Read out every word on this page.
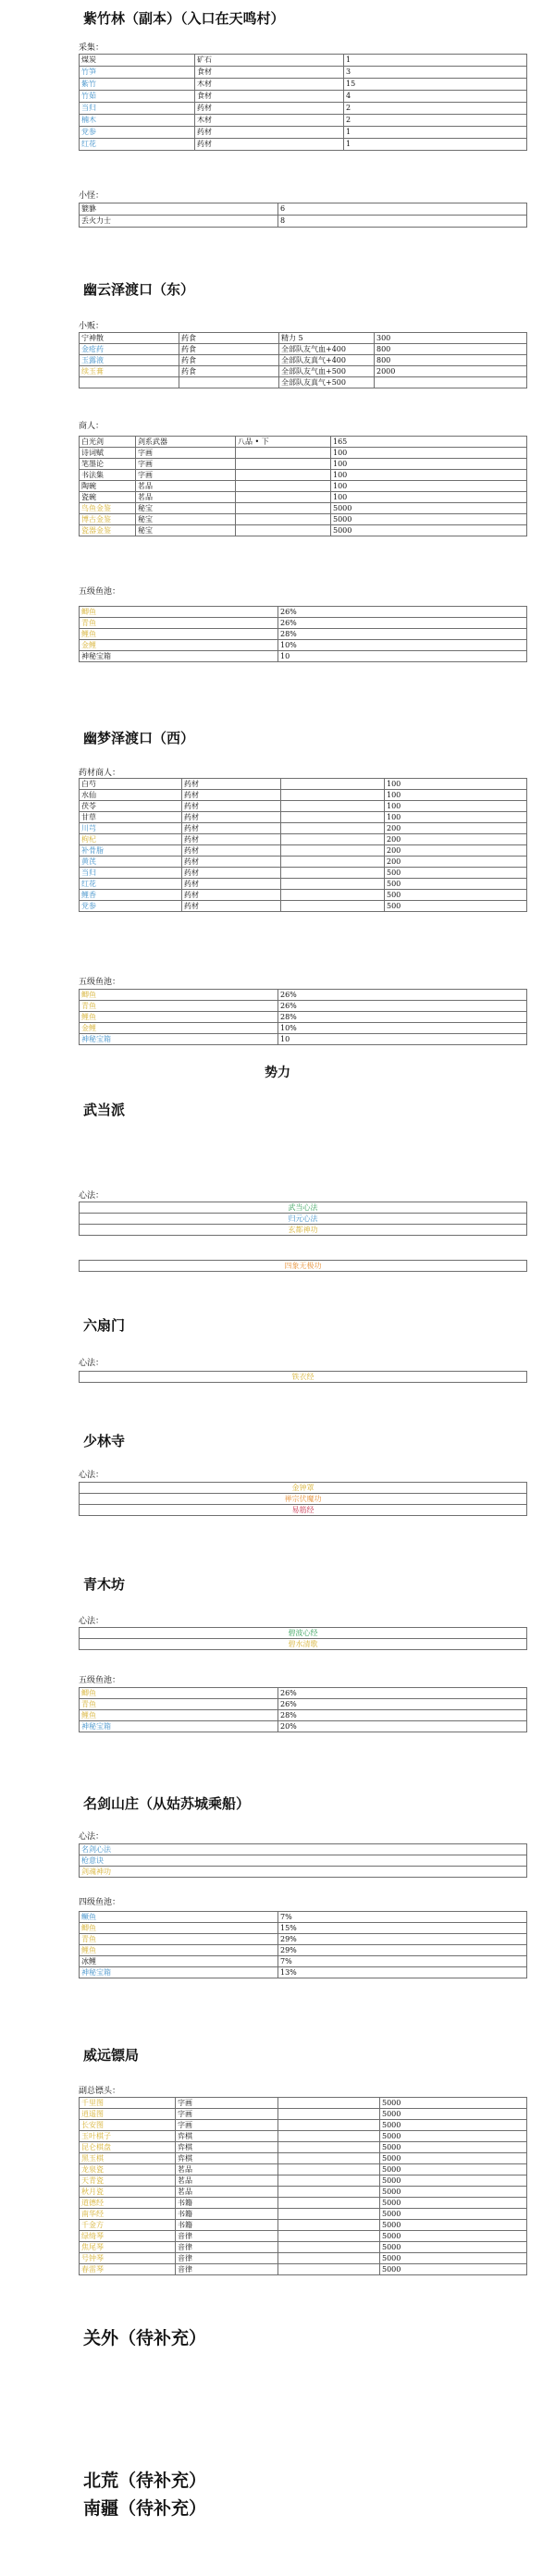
紫竹林（副本）（入口在天鸣村）
采集：
煤炭	矿石	1
竹笋	食材	3
紫竹	木材	15
竹茹	食材	4
当归	药材	2
楠木	木材	2
党参	药材	1
红花	药材	1
小怪：
貔貅	6
丢火力士	8
幽云泽渡口（东）
小贩：
宁神散	药食	精力 5	300
金疮药	药食	全部队友气血+400	800
玉露液	药食	全部队友真气+400	800
续玉膏	药食	全部队友气血+500	2000
		全部队友真气+500	
商人：
白光剑	剑系武器	八品 • 下	165
诗词赋	字画		100
笔墨论	字画		100
书法集	字画		100
陶碗	茗品		100
瓷碗	茗品		100
鸟鱼金鉴	秘宝		5000
博古金鉴	秘宝		5000
瓷器金鉴	秘宝		5000
五级鱼池：
鲫鱼	26%
青鱼	26%
鲤鱼	28%
金鲤	10%
神秘宝箱	10
幽梦泽渡口（西）
药材商人：
白芍	药材		100
水仙	药材		100
茯苓	药材		100
甘草	药材		100
川芎	药材		200
枸杞	药材		200
补骨脂	药材		200
黄芪	药材		200
当归	药材		500
红花	药材		500
鲤香	药材		500
党参	药材		500
五级鱼池：
鲫鱼	26%
青鱼	26%
鲤鱼	28%
金鲤	10%
神秘宝箱	10
势力
武当派
心法：
武当心法
归元心法
玄都神功
四象无极功
六扇门
心法：
铁衣经
少林寺
心法：
金钟罩
禅宗伏魔功
易筋经
青木坊
心法：
碧波心经
碧水清歌
五级鱼池：
鲫鱼	26%
青鱼	26%
鲤鱼	28%
神秘宝箱	20%
名剑山庄（从姑苏城乘船）
心法：
名剑心法
枪意诀
剑魂神功
四级鱼池：
鳜鱼	7%
鲫鱼	15%
青鱼	29%
鲤鱼	29%
冰鲤	7%
神秘宝箱	13%
威远镖局
副总镖头：
千里图	字画		5000
逍遥图	字画		5000
长安图	字画		5000
玉叶棋子	弈棋		5000
昆仑棋盘	弈棋		5000
黑玉棋	弈棋		5000
龙泉瓷	茗品		5000
天青瓷	茗品		5000
秋月瓷	茗品		5000
道德经	书籍		5000
南华经	书籍		5000
千金方	书籍		5000
绿绮琴	音律		5000
焦尾琴	音律		5000
号钟琴	音律		5000
春雷琴	音律		5000
关外（待补充）
北荒（待补充）
南疆（待补充）
